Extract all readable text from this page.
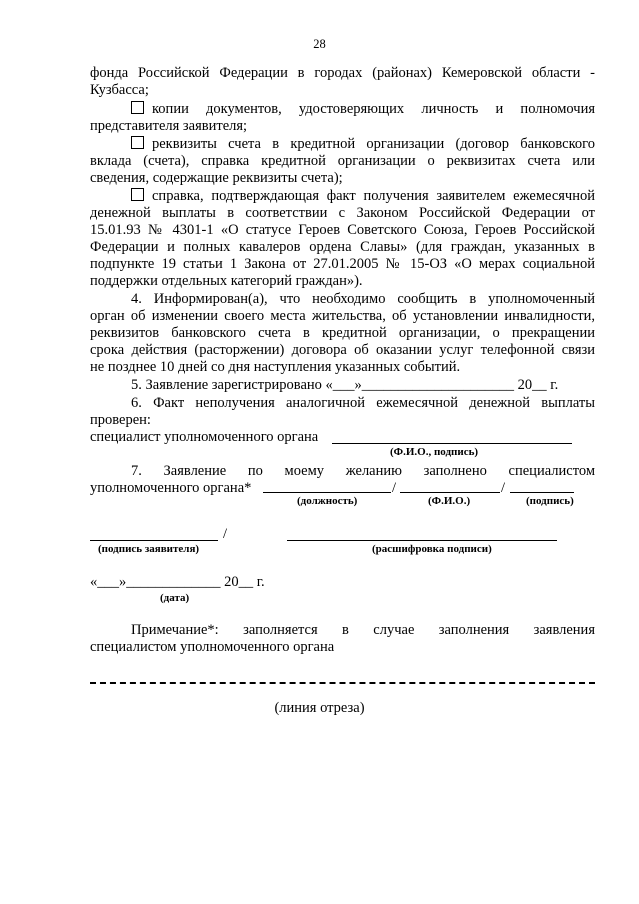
28
фонда Российской Федерации в городах (районах) Кемеровской области -
Кузбасса;
копии документов, удостоверяющих личность и полномочия
представителя заявителя;
реквизиты счета в кредитной организации (договор банковского
вклада (счета), справка кредитной организации о реквизитах счета или
сведения, содержащие реквизиты счета);
справка, подтверждающая факт получения заявителем ежемесячной
денежной выплаты в соответствии с Законом Российской Федерации от
15.01.93 № 4301-1 «О статусе Героев Советского Союза, Героев Российской
Федерации и полных кавалеров ордена Славы» (для граждан, указанных в
подпункте 19 статьи 1 Закона от 27.01.2005 № 15-ОЗ «О мерах социальной
поддержки отдельных категорий граждан»).
4. Информирован(а), что необходимо сообщить в уполномоченный
орган об изменении своего места жительства, об установлении инвалидности,
реквизитов банковского счета в кредитной организации, о прекращении
срока действия (расторжении) договора об оказании услуг телефонной связи
не позднее 10 дней со дня наступления указанных событий.
5. Заявление зарегистрировано «___»_____________________ 20__ г.
6. Факт неполучения аналогичной ежемесячной денежной выплаты
проверен:
специалист уполномоченного органа
(Ф.И.О., подпись)
7. Заявление по моему желанию заполнено специалистом
уполномоченного органа*	/	/
(должность)	(Ф.И.О.)	(подпись)
/
(подпись заявителя)	(расшифровка подписи)
«___»_____________ 20__ г.
(дата)
Примечание*: заполняется в случае заполнения заявления
специалистом уполномоченного органа
(линия отреза)
